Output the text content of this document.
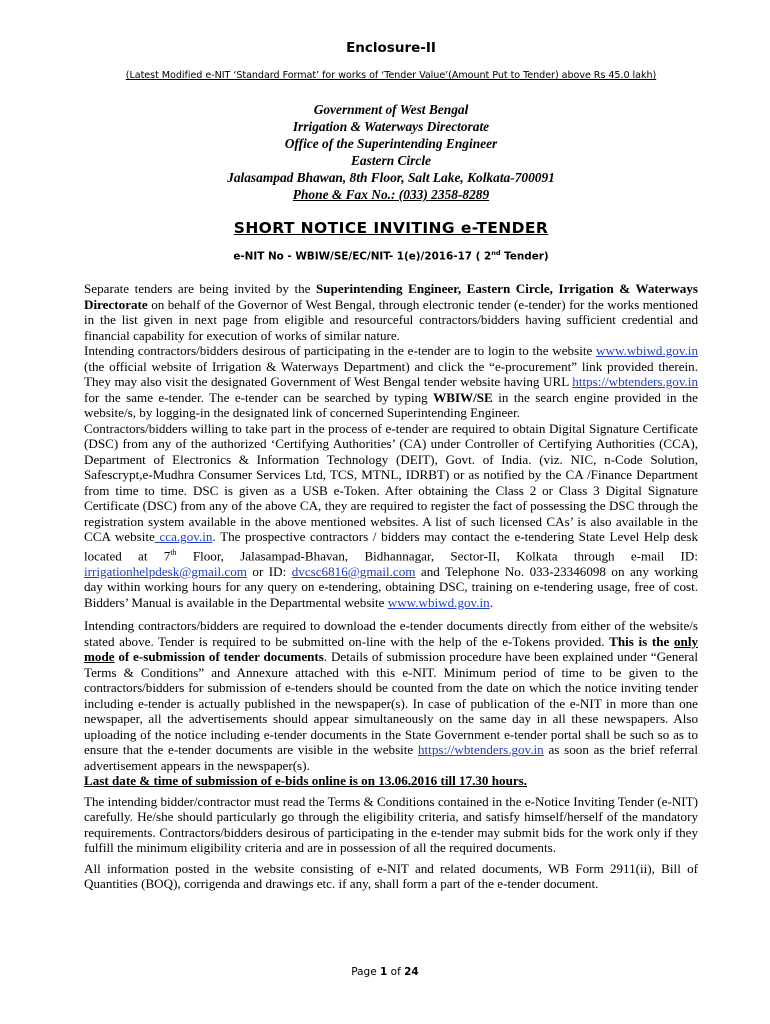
Enclosure-II
(Latest Modified e-NIT ‘Standard Format’ for works of ‘Tender Value’(Amount Put to Tender) above Rs 45.0 lakh)
Government of West Bengal
Irrigation & Waterways Directorate
Office of the Superintending Engineer
Eastern Circle
Jalasampad Bhawan, 8th Floor, Salt Lake, Kolkata-700091
Phone & Fax No.: (033) 2358-8289
SHORT NOTICE INVITING e-TENDER
e-NIT No - WBIW/SE/EC/NIT- 1(e)/2016-17 ( 2nd Tender)

Separate tenders are being invited by the Superintending Engineer, Eastern Circle, Irrigation & Waterways Directorate on behalf of the Governor of West Bengal, through electronic tender (e-tender) for the works mentioned in the list given in next page from eligible and resourceful contractors/bidders having sufficient credential and financial capability for execution of works of similar nature.

Intending contractors/bidders desirous of participating in the e-tender are to login to the website www.wbiwd.gov.in (the official website of Irrigation & Waterways Department) and click the “e-procurement” link provided therein. They may also visit the designated Government of West Bengal tender website having URL https://wbtenders.gov.in for the same e-tender. The e-tender can be searched by typing WBIW/SE in the search engine provided in the website/s, by logging-in the designated link of concerned Superintending Engineer.

Contractors/bidders willing to take part in the process of e-tender are required to obtain Digital Signature Certificate (DSC) from any of the authorized ‘Certifying Authorities’ (CA) under Controller of Certifying Authorities (CCA), Department of Electronics & Information Technology (DEIT), Govt. of India. (viz. NIC, n-Code Solution, Safescrypt,e-Mudhra Consumer Services Ltd, TCS, MTNL, IDRBT) or as notified by the CA /Finance Department from time to time. DSC is given as a USB e-Token. After obtaining the Class 2 or Class 3 Digital Signature Certificate (DSC) from any of the above CA, they are required to register the fact of possessing the DSC through the registration system available in the above mentioned websites. A list of such licensed CAs’ is also available in the CCA website cca.gov.in. The prospective contractors / bidders may contact the e-tendering State Level Help desk located at 7th Floor, Jalasampad-Bhavan, Bidhannagar, Sector-II, Kolkata through e-mail ID: irrigationhelpdesk@gmail.com or ID: dvcsc6816@gmail.com and Telephone No. 033-23346098 on any working day within working hours for any query on e-tendering, obtaining DSC, training on e-tendering usage, free of cost. Bidders’ Manual is available in the Departmental website www.wbiwd.gov.in.

Intending contractors/bidders are required to download the e-tender documents directly from either of the website/s stated above. Tender is required to be submitted on-line with the help of the e-Tokens provided. This is the only mode of e-submission of tender documents. Details of submission procedure have been explained under “General Terms & Conditions” and Annexure attached with this e-NIT. Minimum period of time to be given to the contractors/bidders for submission of e-tenders should be counted from the date on which the notice inviting tender including e-tender is actually published in the newspaper(s). In case of publication of the e-NIT in more than one newspaper, all the advertisements should appear simultaneously on the same day in all these newspapers. Also uploading of the notice including e-tender documents in the State Government e-tender portal shall be such so as to ensure that the e-tender documents are visible in the website https://wbtenders.gov.in as soon as the brief referral advertisement appears in the newspaper(s).

Last date & time of submission of e-bids online is on 13.06.2016 till 17.30 hours.

The intending bidder/contractor must read the Terms & Conditions contained in the e-Notice Inviting Tender (e-NIT) carefully. He/she should particularly go through the eligibility criteria, and satisfy himself/herself of the mandatory requirements. Contractors/bidders desirous of participating in the e-tender may submit bids for the work only if they fulfill the minimum eligibility criteria and are in possession of all the required documents.

All information posted in the website consisting of e-NIT and related documents, WB Form 2911(ii), Bill of Quantities (BOQ), corrigenda and drawings etc. if any, shall form a part of the e-tender document.

Page 1 of 24
